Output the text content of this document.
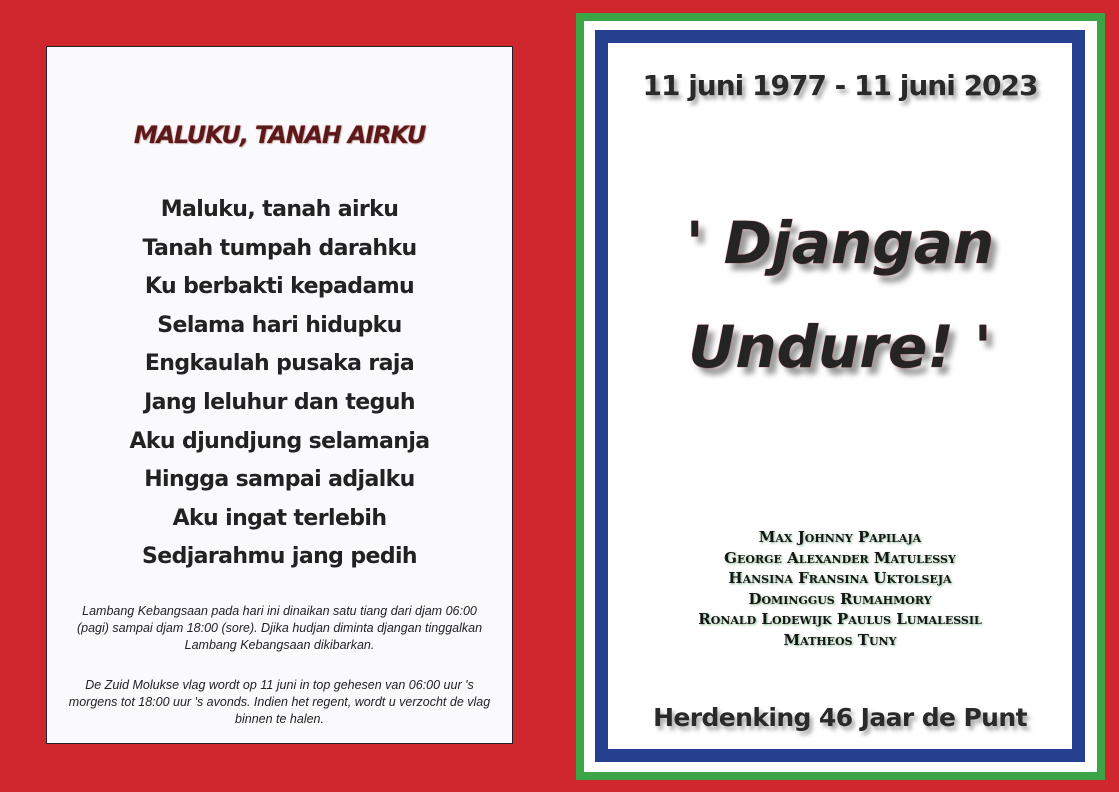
MALUKU, TANAH AIRKU
Maluku, tanah airku
Tanah tumpah darahku
Ku berbakti kepadamu
Selama hari hidupku
Engkaulah pusaka raja
Jang leluhur dan teguh
Aku djundjung selamanja
Hingga sampai adjalku
Aku ingat terlebih
Sedjarahmu jang pedih
Lambang Kebangsaan pada hari ini dinaikan satu tiang dari djam 06:00 (pagi) sampai djam 18:00 (sore). Djika hudjan diminta djangan tinggalkan Lambang Kebangsaan dikibarkan.
De Zuid Molukse vlag wordt op 11 juni in top gehesen van 06:00 uur 's morgens tot 18:00 uur 's avonds. Indien het regent, wordt u verzocht de vlag binnen te halen.
11 juni 1977 - 11 juni 2023
' Djangan
Undure! '
Max Johnny Papilaja
George Alexander Matulessy
Hansina Fransina Uktolseja
Dominggus Rumahmory
Ronald Lodewijk Paulus Lumalessil
Matheos Tuny
Herdenking 46 Jaar de Punt
